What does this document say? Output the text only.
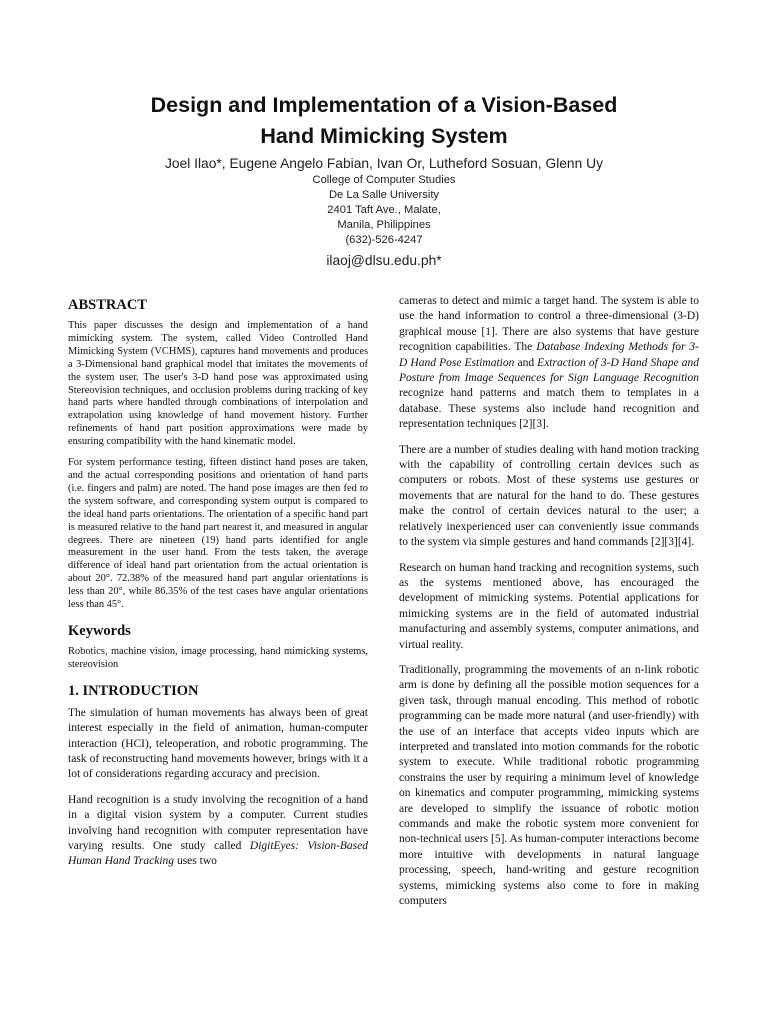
Design and Implementation of a Vision-Based
Hand Mimicking System
Joel Ilao*, Eugene Angelo Fabian, Ivan Or, Lutheford Sosuan, Glenn Uy
College of Computer Studies
De La Salle University
2401 Taft Ave., Malate,
Manila, Philippines
(632)-526-4247
ilaoj@dlsu.edu.ph*
ABSTRACT

This paper discusses the design and implementation of a hand mimicking system. The system, called Video Controlled Hand Mimicking System (VCHMS), captures hand movements and produces a 3-Dimensional hand graphical model that imitates the movements of the system user. The user's 3-D hand pose was approximated using Stereovision techniques, and occlusion problems during tracking of key hand parts where handled through combinations of interpolation and extrapolation using knowledge of hand movement history. Further refinements of hand part position approximations were made by ensuring compatibility with the hand kinematic model.

For system performance testing, fifteen distinct hand poses are taken, and the actual corresponding positions and orientation of hand parts (i.e. fingers and palm) are noted. The hand pose images are then fed to the system software, and corresponding system output is compared to the ideal hand parts orientations. The orientation of a specific hand part is measured relative to the hand part nearest it, and measured in angular degrees. There are nineteen (19) hand parts identified for angle measurement in the user hand. From the tests taken, the average difference of ideal hand part orientation from the actual orientation is about 20°. 72.38% of the measured hand part angular orientations is less than 20°, while 86.35% of the test cases have angular orientations less than 45°.

Keywords

Robotics, machine vision, image processing, hand mimicking systems, stereovision

1. INTRODUCTION

The simulation of human movements has always been of great interest especially in the field of animation, human-computer interaction (HCI), teleoperation, and robotic programming. The task of reconstructing hand movements however, brings with it a lot of considerations regarding accuracy and precision.

Hand recognition is a study involving the recognition of a hand in a digital vision system by a computer. Current studies involving hand recognition with computer representation have varying results. One study called DigitEyes: Vision-Based Human Hand Tracking uses two

cameras to detect and mimic a target hand. The system is able to use the hand information to control a three-dimensional (3-D) graphical mouse [1]. There are also systems that have gesture recognition capabilities. The Database Indexing Methods for 3-D Hand Pose Estimation and Extraction of 3-D Hand Shape and Posture from Image Sequences for Sign Language Recognition recognize hand patterns and match them to templates in a database. These systems also include hand recognition and representation techniques [2][3].

There are a number of studies dealing with hand motion tracking with the capability of controlling certain devices such as computers or robots. Most of these systems use gestures or movements that are natural for the hand to do. These gestures make the control of certain devices natural to the user; a relatively inexperienced user can conveniently issue commands to the system via simple gestures and hand commands [2][3][4].

Research on human hand tracking and recognition systems, such as the systems mentioned above, has encouraged the development of mimicking systems. Potential applications for mimicking systems are in the field of automated industrial manufacturing and assembly systems, computer animations, and virtual reality.

Traditionally, programming the movements of an n-link robotic arm is done by defining all the possible motion sequences for a given task, through manual encoding. This method of robotic programming can be made more natural (and user-friendly) with the use of an interface that accepts video inputs which are interpreted and translated into motion commands for the robotic system to execute. While traditional robotic programming constrains the user by requiring a minimum level of knowledge on kinematics and computer programming, mimicking systems are developed to simplify the issuance of robotic motion commands and make the robotic system more convenient for non-technical users [5]. As human-computer interactions become more intuitive with developments in natural language processing, speech, hand-writing and gesture recognition systems, mimicking systems also come to fore in making computers
